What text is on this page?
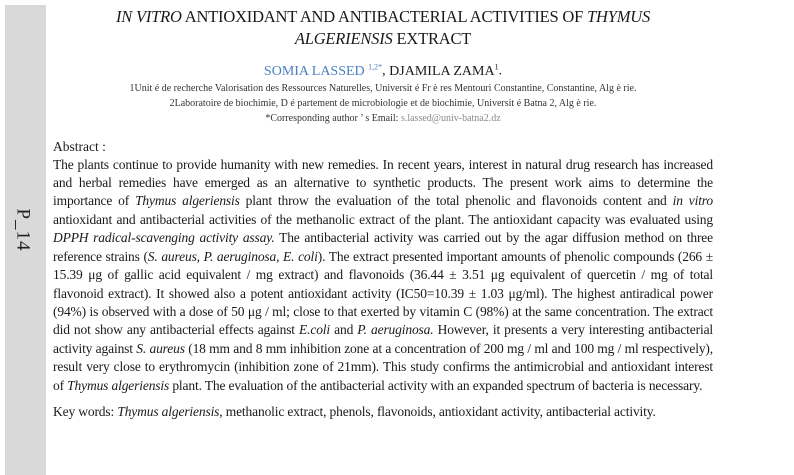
P_14
IN VITRO ANTIOXIDANT AND ANTIBACTERIAL ACTIVITIES OF THYMUS
ALGERIENSIS EXTRACT
SOMIA LASSED $^{1,2*}$, DJAMILA ZAMA$^1$.
1Unit é de recherche Valorisation des Ressources Naturelles, Universit é Fr è res Mentouri Constantine, Constantine, Alg è rie.
2Laboratoire de biochimie, D é partement de microbiologie et de biochimie, Universit é Batna 2, Alg è rie.
*Corresponding author ’ s Email: s.lassed@univ-batna2.dz
Abstract :

The plants continue to provide humanity with new remedies. In recent years, interest in natural drug research has increased and herbal remedies have emerged as an alternative to synthetic products. The present work aims to determine the importance of Thymus algeriensis plant throw the evaluation of the total phenolic and flavonoids content and in vitro antioxidant and antibacterial activities of the methanolic extract of the plant. The antioxidant capacity was evaluated using DPPH radical-scavenging activity assay. The antibacterial activity was carried out by the agar diffusion method on three reference strains (S. aureus, P. aeruginosa, E. coli). The extract presented important amounts of phenolic compounds (266 ± 15.39 μg of gallic acid equivalent / mg extract) and flavonoids (36.44 ± 3.51 μg equivalent of quercetin / mg of total flavonoid extract). It showed also a potent antioxidant activity (IC50=10.39 ± 1.03 μg/ml). The highest antiradical power (94%) is observed with a dose of 50 μg / ml; close to that exerted by vitamin C (98%) at the same concentration. The extract did not show any antibacterial effects against E.coli and P. aeruginosa. However, it presents a very interesting antibacterial activity against S. aureus (18 mm and 8 mm inhibition zone at a concentration of 200 mg / ml and 100 mg / ml respectively), result very close to erythromycin (inhibition zone of 21mm). This study confirms the antimicrobial and antioxidant interest of Thymus algeriensis plant. The evaluation of the antibacterial activity with an expanded spectrum of bacteria is necessary.

Key words: Thymus algeriensis, methanolic extract, phenols, flavonoids, antioxidant activity, antibacterial activity.
